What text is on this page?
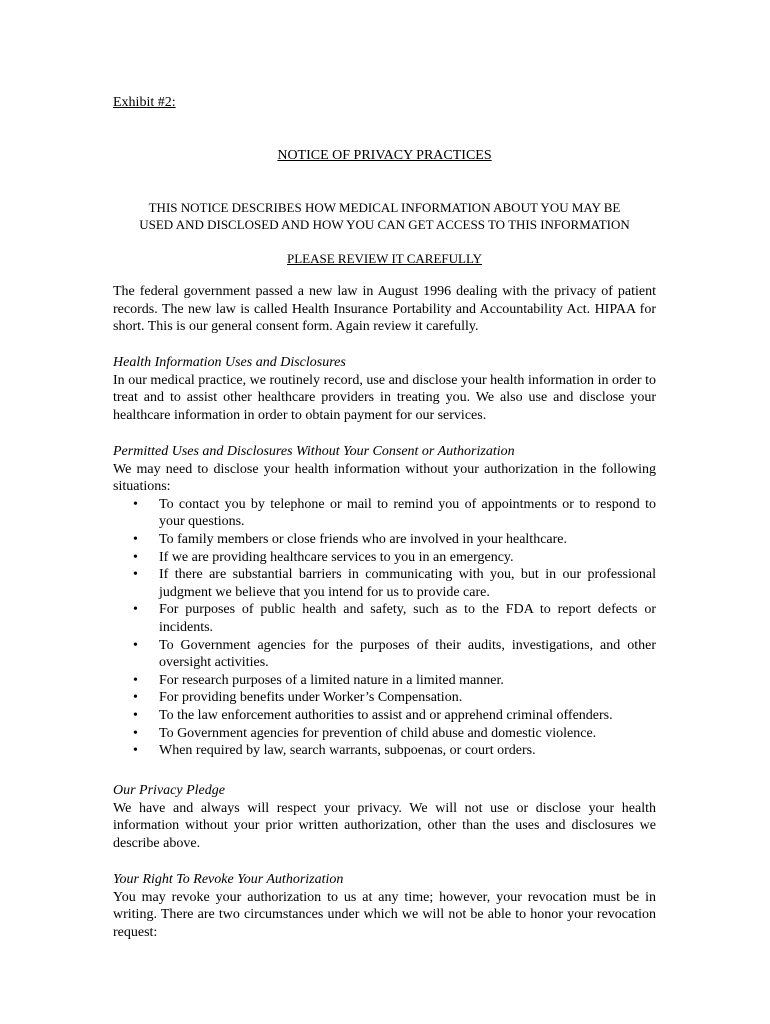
Exhibit #2:
NOTICE OF PRIVACY PRACTICES
THIS NOTICE DESCRIBES HOW MEDICAL INFORMATION ABOUT YOU MAY BE
USED AND DISCLOSED AND HOW YOU CAN GET ACCESS TO THIS INFORMATION
PLEASE REVIEW IT CAREFULLY

The federal government passed a new law in August 1996 dealing with the privacy of patient records. The new law is called Health Insurance Portability and Accountability Act. HIPAA for short. This is our general consent form. Again review it carefully.

Health Information Uses and Disclosures

In our medical practice, we routinely record, use and disclose your health information in order to treat and to assist other healthcare providers in treating you. We also use and disclose your healthcare information in order to obtain payment for our services.

Permitted Uses and Disclosures Without Your Consent or Authorization

We may need to disclose your health information without your authorization in the following situations:

• To contact you by telephone or mail to remind you of appointments or to respond to your questions.
• To family members or close friends who are involved in your healthcare.
• If we are providing healthcare services to you in an emergency.
• If there are substantial barriers in communicating with you, but in our professional judgment we believe that you intend for us to provide care.
• For purposes of public health and safety, such as to the FDA to report defects or incidents.
• To Government agencies for the purposes of their audits, investigations, and other oversight activities.
• For research purposes of a limited nature in a limited manner.
• For providing benefits under Worker’s Compensation.
• To the law enforcement authorities to assist and or apprehend criminal offenders.
• To Government agencies for prevention of child abuse and domestic violence.
• When required by law, search warrants, subpoenas, or court orders.

Our Privacy Pledge

We have and always will respect your privacy. We will not use or disclose your health information without your prior written authorization, other than the uses and disclosures we describe above.

Your Right To Revoke Your Authorization

You may revoke your authorization to us at any time; however, your revocation must be in writing. There are two circumstances under which we will not be able to honor your revocation request:
